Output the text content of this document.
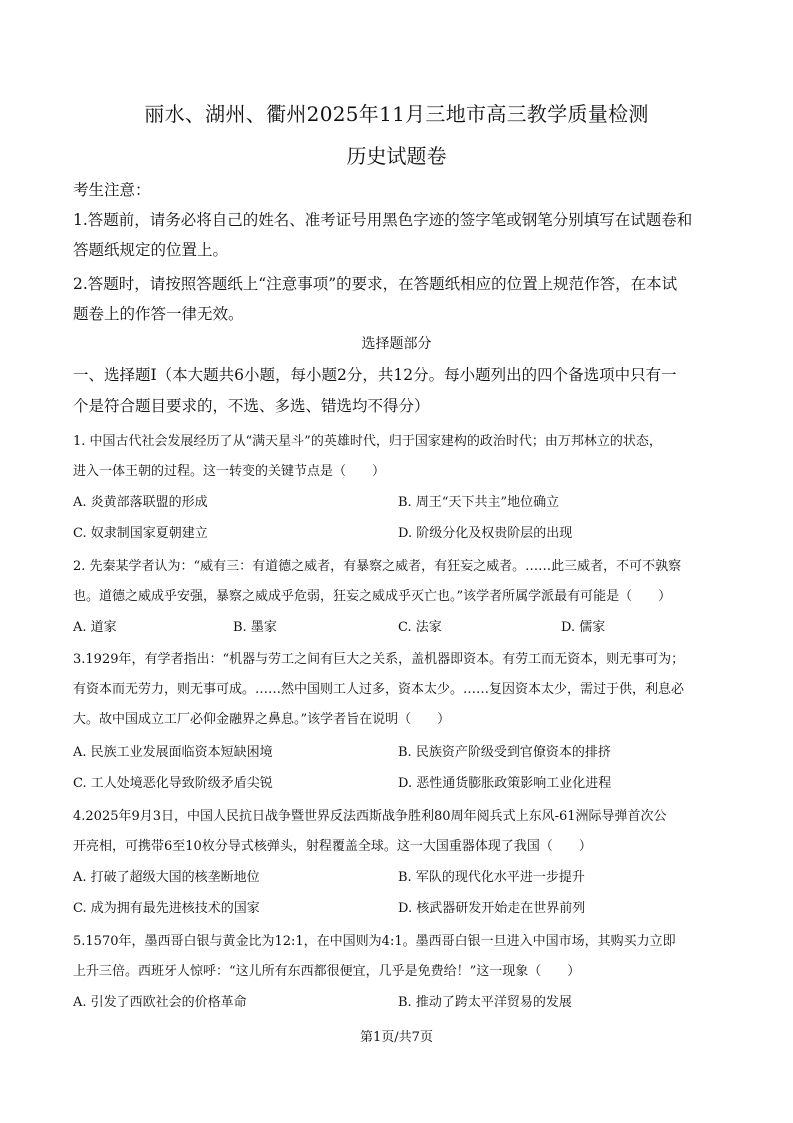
丽水、湖州、衢州2025年11月三地市高三教学质量检测
历史试题卷
考生注意：
1.答题前，请务必将自己的姓名、准考证号用黑色字迹的签字笔或钢笔分别填写在试题卷和
答题纸规定的位置上。
2.答题时，请按照答题纸上“注意事项”的要求，在答题纸相应的位置上规范作答，在本试
题卷上的作答一律无效。
选择题部分
一、选择题Ⅰ（本大题共6小题，每小题2分，共12分。每小题列出的四个备选项中只有一
个是符合题目要求的，不选、多选、错选均不得分）
1. 中国古代社会发展经历了从“满天星斗”的英雄时代，归于国家建构的政治时代；由万邦林立的状态，
进入一体王朝的过程。这一转变的关键节点是（　　）
A. 炎黄部落联盟的形成	B. 周王“天下共主”地位确立
C. 奴隶制国家夏朝建立	D. 阶级分化及权贵阶层的出现
2. 先秦某学者认为：“威有三：有道德之威者，有暴察之威者，有狂妄之威者。……此三威者，不可不孰察
也。道德之威成乎安强，暴察之威成乎危弱，狂妄之威成乎灭亡也。”该学者所属学派最有可能是（　　）
A. 道家	B. 墨家	C. 法家	D. 儒家
3.1929年，有学者指出：“机器与劳工之间有巨大之关系，盖机器即资本。有劳工而无资本，则无事可为；
有资本而无劳力，则无事可成。……然中国则工人过多，资本太少。……复因资本太少，需过于供，利息必
大。故中国成立工厂必仰金融界之鼻息。”该学者旨在说明（　　）
A. 民族工业发展面临资本短缺困境	B. 民族资产阶级受到官僚资本的排挤
C. 工人处境恶化导致阶级矛盾尖锐	D. 恶性通货膨胀政策影响工业化进程
4.2025年9月3日，中国人民抗日战争暨世界反法西斯战争胜利80周年阅兵式上东风-61洲际导弹首次公
开亮相，可携带6至10枚分导式核弹头，射程覆盖全球。这一大国重器体现了我国（　　）
A. 打破了超级大国的核垄断地位	B. 军队的现代化水平进一步提升
C. 成为拥有最先进核技术的国家	D. 核武器研发开始走在世界前列
5.1570年，墨西哥白银与黄金比为12:1，在中国则为4:1。墨西哥白银一旦进入中国市场，其购买力立即
上升三倍。西班牙人惊呼：“这儿所有东西都很便宜，几乎是免费给！”这一现象（　　）
A. 引发了西欧社会的价格革命	B. 推动了跨太平洋贸易的发展
第1页/共7页
